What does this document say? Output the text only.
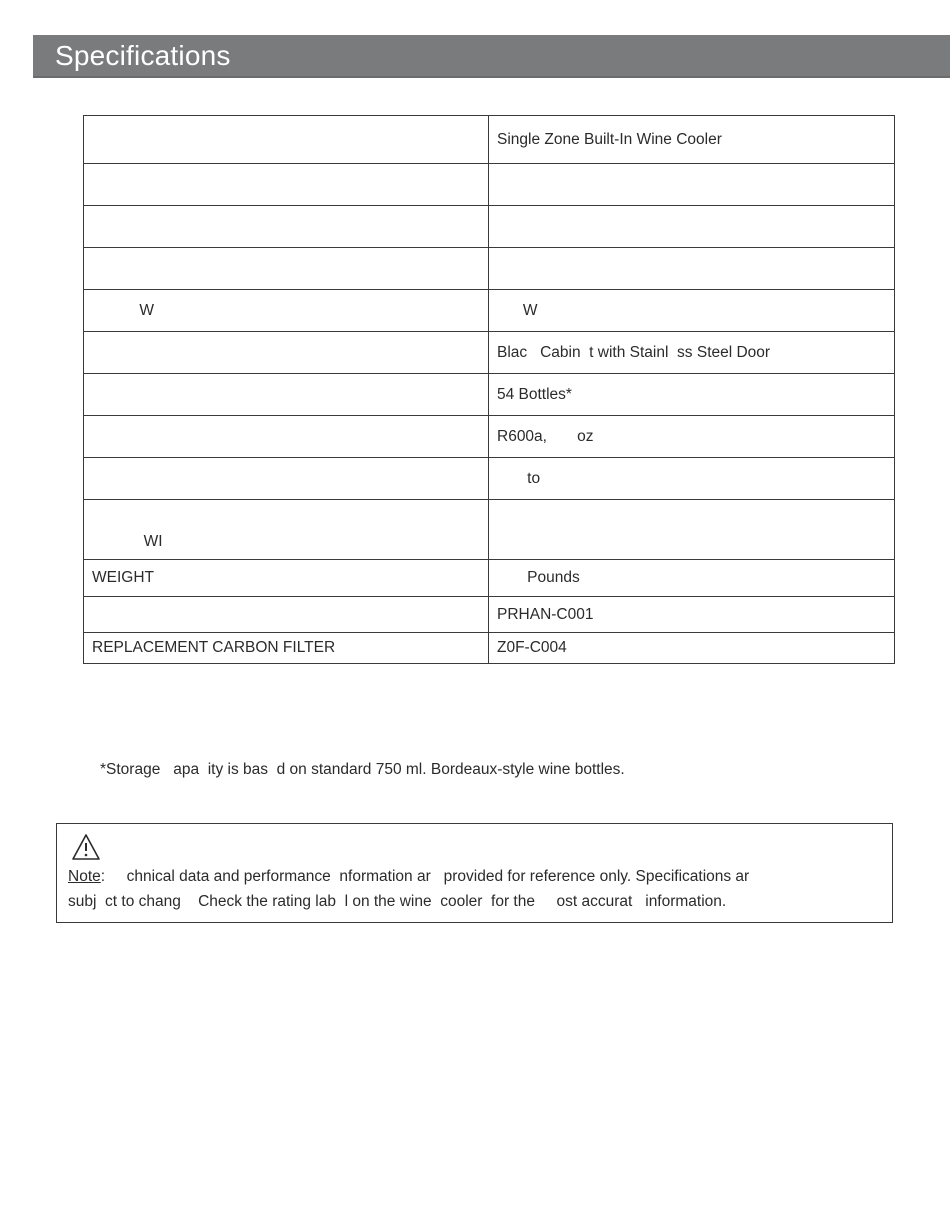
Specifications
	Single Zone Built-In Wine Cooler

W	W
	Blac   Cabin  t with Stainl  ss Steel Door
	54 Bottles*
	R600a,       oz
	to
WI	
WEIGHT	Pounds
	PRHAN-C001
REPLACEMENT CARBON FILTER	Z0F-C004
*Storage   apa  ity is bas  d on standard 750 ml. Bordeaux-style wine bottles.
Note:     chnical data and performance  nformation ar   provided for reference only. Specifications ar
subj  ct to chang    Check the rating lab  l on the wine  cooler  for the     ost accurat   information.
